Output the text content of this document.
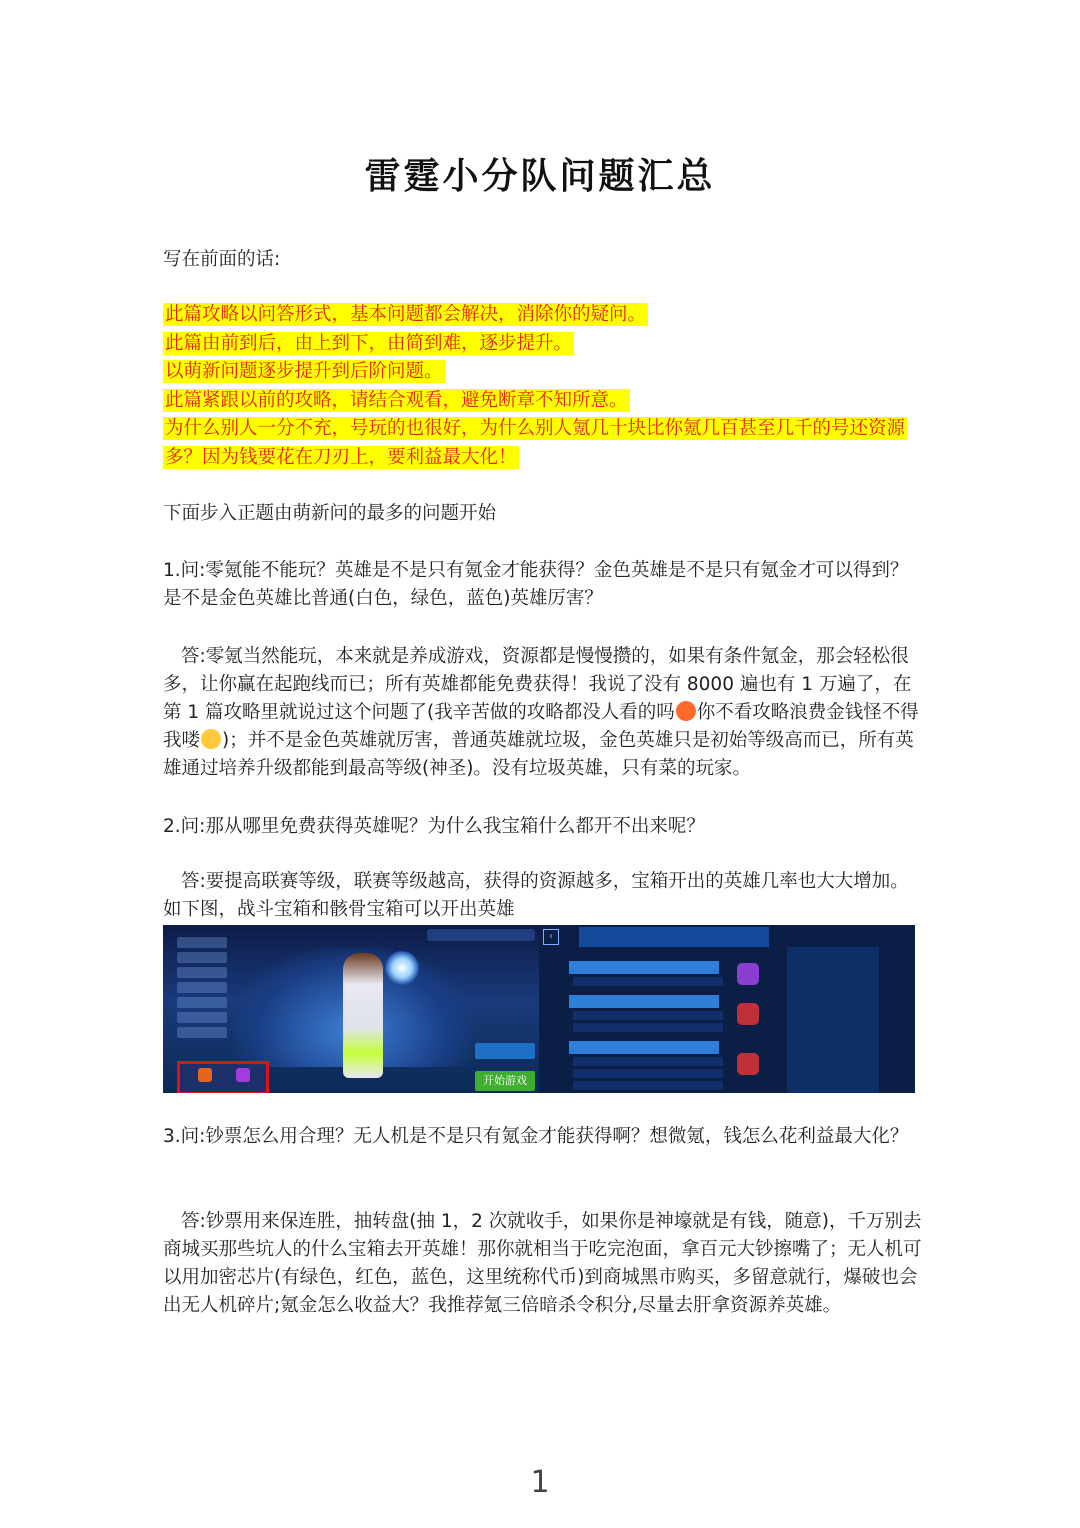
雷霆小分队问题汇总
写在前面的话:
此篇攻略以问答形式，基本问题都会解决，消除你的疑问。
此篇由前到后，由上到下，由简到难，逐步提升。
以萌新问题逐步提升到后阶问题。
此篇紧跟以前的攻略，请结合观看，避免断章不知所意。
为什么别人一分不充，号玩的也很好，为什么别人氪几十块比你氪几百甚至几千的号还资源
多？因为钱要花在刀刃上，要利益最大化！
下面步入正题由萌新问的最多的问题开始
1.问:零氪能不能玩？英雄是不是只有氪金才能获得？金色英雄是不是只有氪金才可以得到？是不是金色英雄比普通(白色，绿色，蓝色)英雄厉害？
答:零氪当然能玩，本来就是养成游戏，资源都是慢慢攒的，如果有条件氪金，那会轻松很多，让你赢在起跑线而已；所有英雄都能免费获得！我说了没有 8000 遍也有 1 万遍了，在第 1 篇攻略里就说过这个问题了(我辛苦做的攻略都没人看的吗 你不看攻略浪费金钱怪不得我喽 )；并不是金色英雄就厉害，普通英雄就垃圾，金色英雄只是初始等级高而已，所有英雄通过培养升级都能到最高等级(神圣)。没有垃圾英雄，只有菜的玩家。
2.问:那从哪里免费获得英雄呢？为什么我宝箱什么都开不出来呢？
答:要提高联赛等级，联赛等级越高，获得的资源越多，宝箱开出的英雄几率也大大增加。如下图，战斗宝箱和骸骨宝箱可以开出英雄
开始游戏
‹
3.问:钞票怎么用合理？无人机是不是只有氪金才能获得啊？想微氪，钱怎么花利益最大化？
答:钞票用来保连胜，抽转盘(抽 1，2 次就收手，如果你是神壕就是有钱，随意)，千万别去商城买那些坑人的什么宝箱去开英雄！那你就相当于吃完泡面，拿百元大钞擦嘴了；无人机可以用加密芯片(有绿色，红色，蓝色，这里统称代币)到商城黑市购买，多留意就行，爆破也会出无人机碎片;氪金怎么收益大？我推荐氪三倍暗杀令积分,尽量去肝拿资源养英雄。
1
